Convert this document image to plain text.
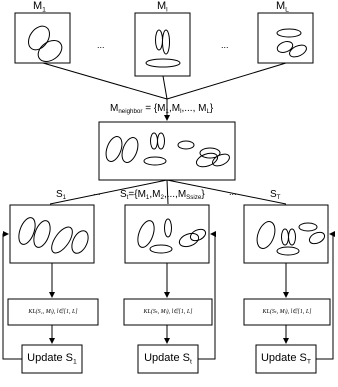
$M_1$	$M_l$	$M_L$
...	...
$M_{neighbor} = \{M_1,M_l$,..., $M_L$}
$S_1$
... $S_t=\{M_1,M_2,...,M_{Ssize}\}$	...	$S_T$
KL(S₁, Mₗ), l∈[1, L]	KL(Sₜ, Mₗ), l∈[1, L]	KL(Sₜ, Mₗ), l∈[1, L]
Update $S_1$	Update $S_t$	Update $S_T$
